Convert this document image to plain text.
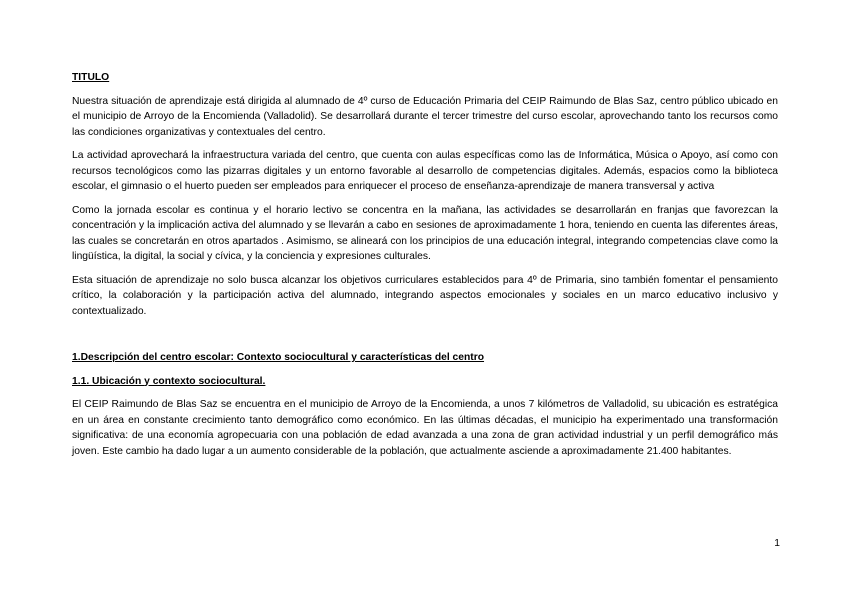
TITULO

Nuestra situación de aprendizaje está dirigida al alumnado de 4º curso de Educación Primaria del CEIP Raimundo de Blas Saz, centro público ubicado en el municipio de Arroyo de la Encomienda (Valladolid). Se desarrollará durante el tercer trimestre del curso escolar, aprovechando tanto los recursos como las condiciones organizativas y contextuales del centro.

La actividad aprovechará la infraestructura variada del centro, que cuenta con aulas específicas como las de Informática, Música o Apoyo, así como con recursos tecnológicos como las pizarras digitales y un entorno favorable al desarrollo de competencias digitales. Además, espacios como la biblioteca escolar, el gimnasio o el huerto pueden ser empleados para enriquecer el proceso de enseñanza-aprendizaje de manera transversal y activa

Como la jornada escolar es continua y el horario lectivo se concentra en la mañana, las actividades se desarrollarán en franjas que favorezcan la concentración y la implicación activa del alumnado y se llevarán a cabo en sesiones de aproximadamente 1 hora, teniendo en cuenta las diferentes áreas, las cuales se concretarán en otros apartados . Asimismo, se alineará con los principios de una educación integral, integrando competencias clave como la lingüística, la digital, la social y cívica, y la conciencia y expresiones culturales.

Esta situación de aprendizaje no solo busca alcanzar los objetivos curriculares establecidos para 4º de Primaria, sino también fomentar el pensamiento crítico, la colaboración y la participación activa del alumnado, integrando aspectos emocionales y sociales en un marco educativo inclusivo y contextualizado.

1.Descripción del centro escolar: Contexto sociocultural y características del centro
1.1. Ubicación y contexto sociocultural.

El CEIP Raimundo de Blas Saz se encuentra en el municipio de Arroyo de la Encomienda, a unos 7 kilómetros de Valladolid, su ubicación es estratégica en un área en constante crecimiento tanto demográfico como económico. En las últimas décadas, el municipio ha experimentado una transformación significativa: de una economía agropecuaria con una población de edad avanzada a una zona de gran actividad industrial y un perfil demográfico más joven. Este cambio ha dado lugar a un aumento considerable de la población, que actualmente asciende a aproximadamente 21.400 habitantes.

1
